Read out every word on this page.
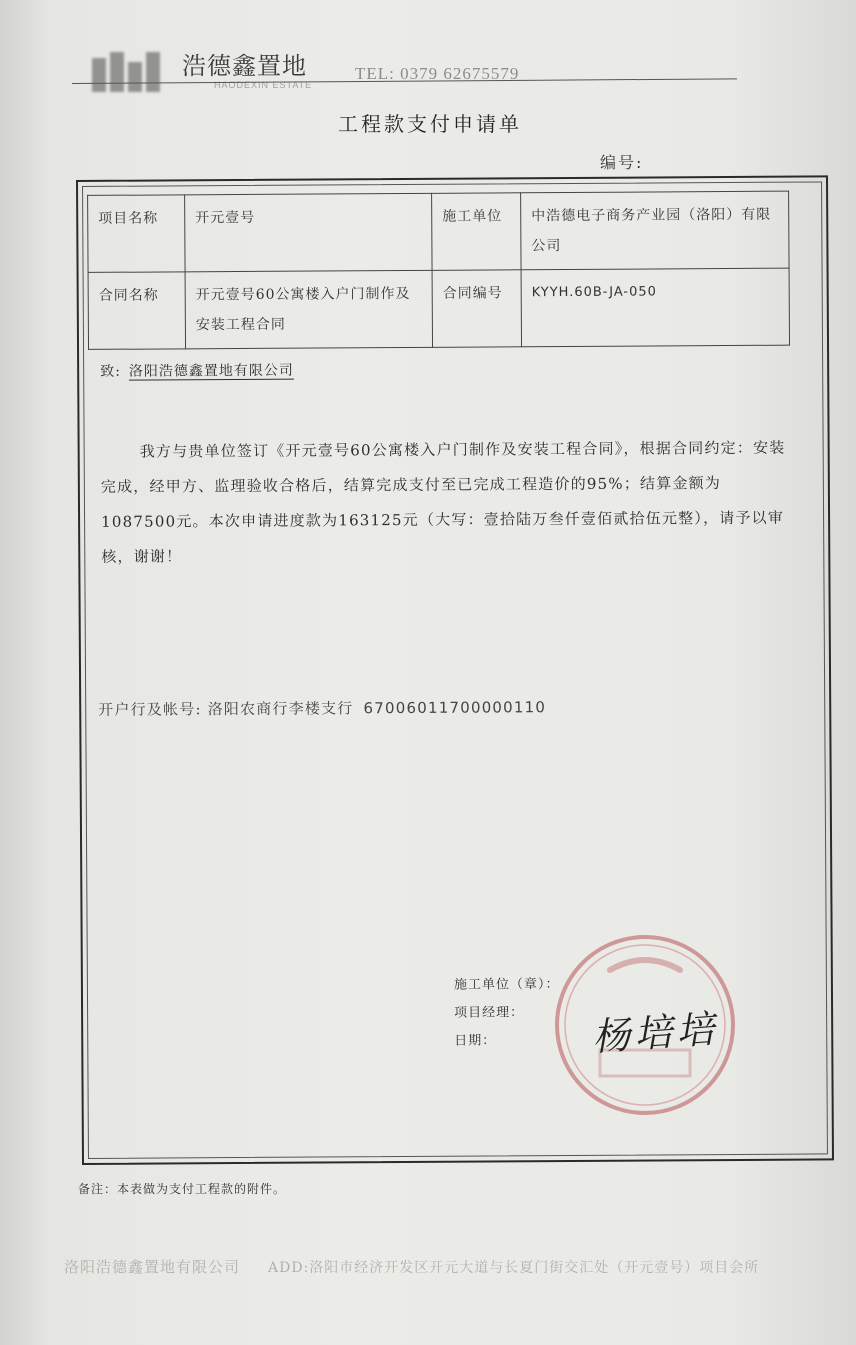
浩德鑫置地
HAODEXIN ESTATE
TEL: 0379 62675579
工程款支付申请单
编号:
项目名称	开元壹号	施工单位	中浩德电子商务产业园（洛阳）有限公司
合同名称	开元壹号60公寓楼入户门制作及安装工程合同	合同编号	KYYH.60B-JA-050
致: 洛阳浩德鑫置地有限公司
我方与贵单位签订《开元壹号60公寓楼入户门制作及安装工程合同》，根据合同约定：安装完成，经甲方、监理验收合格后，结算完成支付至已完成工程造价的95%；结算金额为1087500元。本次申请进度款为163125元（大写：壹拾陆万叁仟壹佰贰拾伍元整），请予以审核，谢谢！
开户行及帐号: 洛阳农商行李楼支行 67006011700000110
施工单位（章）：
项目经理：
日期：	杨培培
备注：本表做为支付工程款的附件。
洛阳浩德鑫置地有限公司 ADD:洛阳市经济开发区开元大道与长夏门街交汇处（开元壹号）项目会所
